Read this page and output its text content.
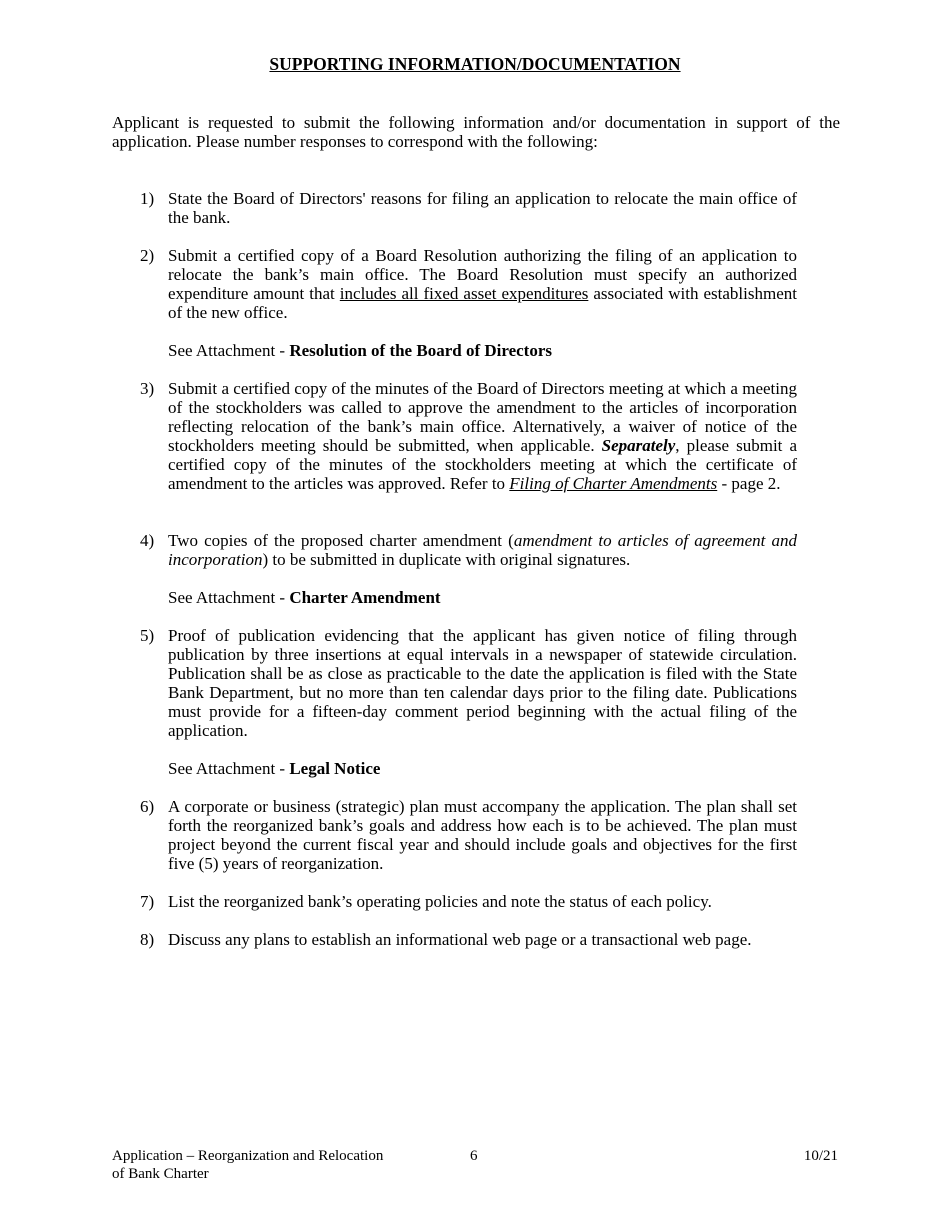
SUPPORTING INFORMATION/DOCUMENTATION

Applicant is requested to submit the following information and/or documentation in support of the application. Please number responses to correspond with the following:

1) State the Board of Directors' reasons for filing an application to relocate the main office of the bank.
2) Submit a certified copy of a Board Resolution authorizing the filing of an application to relocate the bank’s main office. The Board Resolution must specify an authorized expenditure amount that includes all fixed asset expenditures associated with establishment of the new office.
See Attachment - Resolution of the Board of Directors
3) Submit a certified copy of the minutes of the Board of Directors meeting at which a meeting of the stockholders was called to approve the amendment to the articles of incorporation reflecting relocation of the bank’s main office. Alternatively, a waiver of notice of the stockholders meeting should be submitted, when applicable. Separately, please submit a certified copy of the minutes of the stockholders meeting at which the certificate of amendment to the articles was approved. Refer to Filing of Charter Amendments - page 2.
4) Two copies of the proposed charter amendment (amendment to articles of agreement and incorporation) to be submitted in duplicate with original signatures.
See Attachment - Charter Amendment
5) Proof of publication evidencing that the applicant has given notice of filing through publication by three insertions at equal intervals in a newspaper of statewide circulation. Publication shall be as close as practicable to the date the application is filed with the State Bank Department, but no more than ten calendar days prior to the filing date. Publications must provide for a fifteen-day comment period beginning with the actual filing of the application.
See Attachment - Legal Notice
6) A corporate or business (strategic) plan must accompany the application. The plan shall set forth the reorganized bank’s goals and address how each is to be achieved. The plan must project beyond the current fiscal year and should include goals and objectives for the first five (5) years of reorganization.
7) List the reorganized bank’s operating policies and note the status of each policy.
8) Discuss any plans to establish an informational web page or a transactional web page.
Application – Reorganization and Relocation
of Bank Charter
6	10/21
